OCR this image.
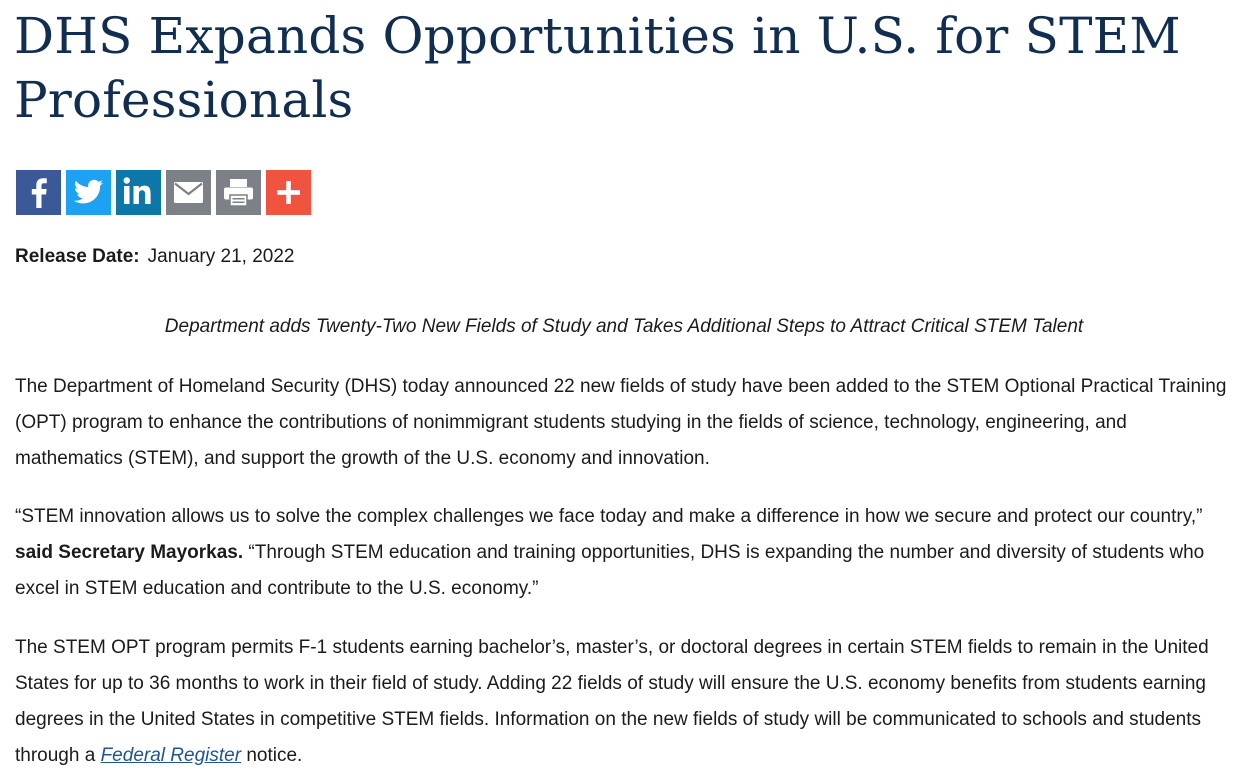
DHS Expands Opportunities in U.S. for STEM Professionals
Release Date: January 21, 2022

Department adds Twenty-Two New Fields of Study and Takes Additional Steps to Attract Critical STEM Talent

The Department of Homeland Security (DHS) today announced 22 new fields of study have been added to the STEM Optional Practical Training (OPT) program to enhance the contributions of nonimmigrant students studying in the fields of science, technology, engineering, and mathematics (STEM), and support the growth of the U.S. economy and innovation.

“STEM innovation allows us to solve the complex challenges we face today and make a difference in how we secure and protect our country,” said Secretary Mayorkas. “Through STEM education and training opportunities, DHS is expanding the number and diversity of students who excel in STEM education and contribute to the U.S. economy.”

The STEM OPT program permits F-1 students earning bachelor’s, master’s, or doctoral degrees in certain STEM fields to remain in the United States for up to 36 months to work in their field of study. Adding 22 fields of study will ensure the U.S. economy benefits from students earning degrees in the United States in competitive STEM fields. Information on the new fields of study will be communicated to schools and students through a Federal Register notice.
